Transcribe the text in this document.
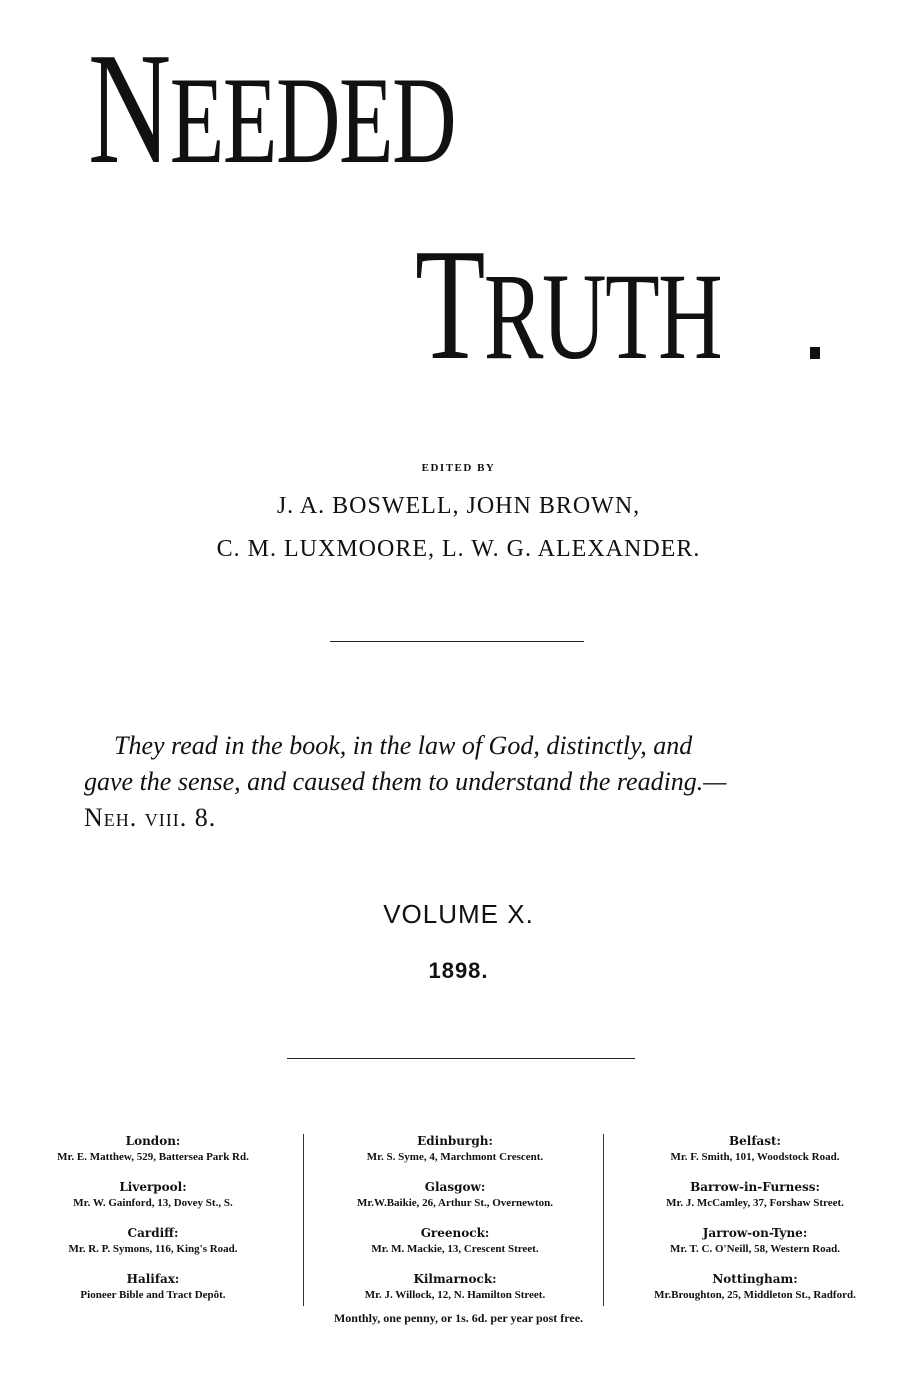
NEEDED
TRUTH
EDITED BY
J. A. BOSWELL, JOHN BROWN,
C. M. LUXMOORE, L. W. G. ALEXANDER.
They read in the book, in the law of God, distinctly, and
gave the sense, and caused them to understand the reading.—
Neh. viii. 8.
VOLUME X.
1898.
London:
Mr. E. Matthew, 529, Battersea Park Rd.
Liverpool:
Mr. W. Gainford, 13, Dovey St., S.
Cardiff:
Mr. R. P. Symons, 116, King's Road.
Halifax:
Pioneer Bible and Tract Depôt.
Edinburgh:
Mr. S. Syme, 4, Marchmont Crescent.
Glasgow:
Mr.W.Baikie, 26, Arthur St., Overnewton.
Greenock:
Mr. M. Mackie, 13, Crescent Street.
Kilmarnock:
Mr. J. Willock, 12, N. Hamilton Street.
Belfast:
Mr. F. Smith, 101, Woodstock Road.
Barrow-in-Furness:
Mr. J. McCamley, 37, Forshaw Street.
Jarrow-on-Tyne:
Mr. T. C. O'Neill, 58, Western Road.
Nottingham:
Mr.Broughton, 25, Middleton St., Radford.
Monthly, one penny, or 1s. 6d. per year post free.
